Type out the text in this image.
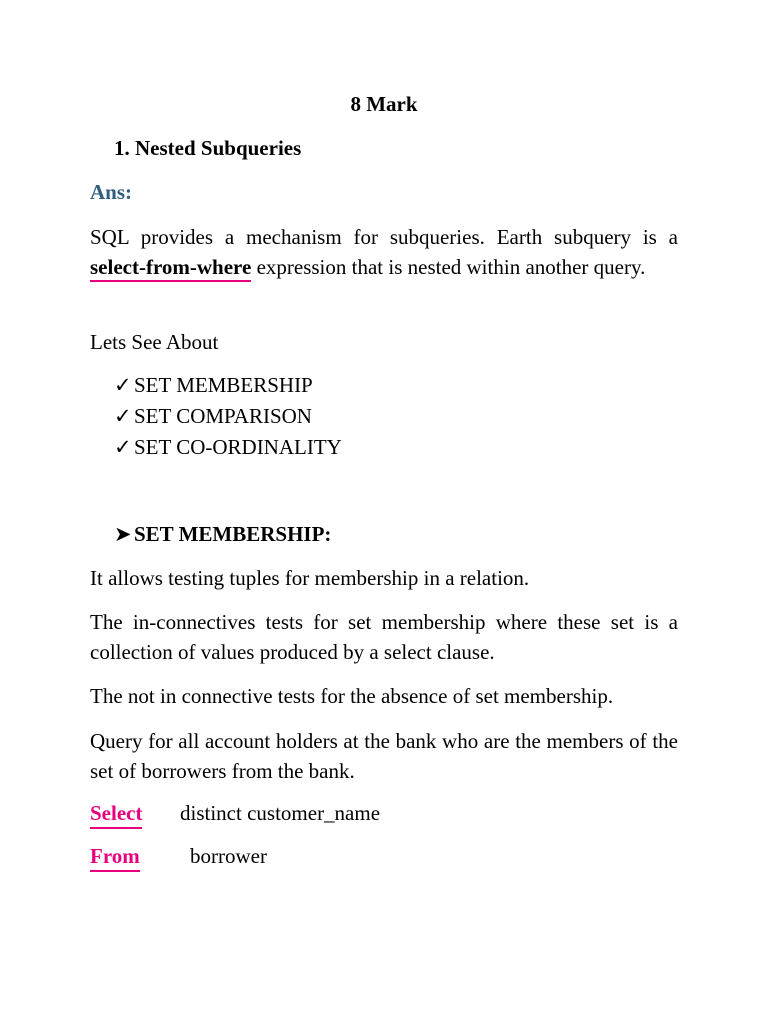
8 Mark
1. Nested Subqueries
Ans:
SQL provides a mechanism for subqueries. Earth subquery is a select-from-where expression that is nested within another query.
Lets See About
✓ SET MEMBERSHIP
✓ SET COMPARISON
✓ SET CO-ORDINALITY
➤ SET MEMBERSHIP:
It allows testing tuples for membership in a relation.
The in-connectives tests for set membership where these set is a collection of values produced by a select clause.
The not in connective tests for the absence of set membership.
Query for all account holders at the bank who are the members of the set of borrowers from the bank.
Select distinct customer_name
From borrower
